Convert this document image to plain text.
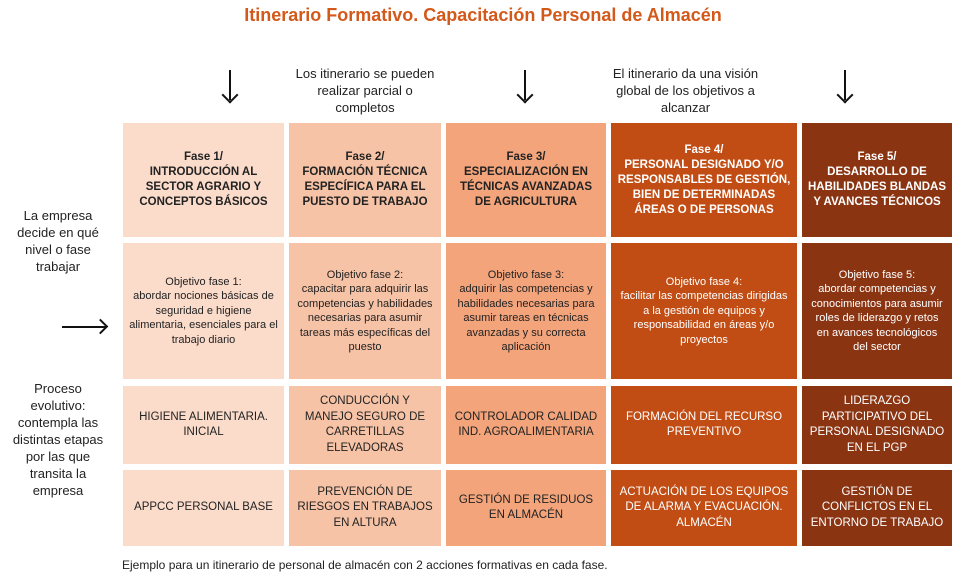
Itinerario Formativo. Capacitación Personal de Almacén
Los itinerario se pueden realizar parcial o completos
El itinerario da una visión global de los objetivos a alcanzar
La empresa decide en qué nivel o fase trabajar
Proceso evolutivo: contempla las distintas etapas por las que transita la empresa
Fase 1/
INTRODUCCIÓN AL SECTOR AGRARIO Y CONCEPTOS BÁSICOS
Objetivo fase 1:
abordar nociones básicas de seguridad e higiene alimentaria, esenciales para el trabajo diario
HIGIENE ALIMENTARIA. INICIAL
APPCC PERSONAL BASE
Fase 2/
FORMACIÓN TÉCNICA ESPECÍFICA PARA EL PUESTO DE TRABAJO
Objetivo fase 2:
capacitar para adquirir las competencias y habilidades necesarias para asumir tareas más específicas del puesto
CONDUCCIÓN Y MANEJO SEGURO DE CARRETILLAS ELEVADORAS
PREVENCIÓN DE RIESGOS EN TRABAJOS EN ALTURA
Fase 3/
ESPECIALIZACIÓN EN TÉCNICAS AVANZADAS DE AGRICULTURA
Objetivo fase 3:
adquirir las competencias y habilidades necesarias para asumir tareas en técnicas avanzadas y su correcta aplicación
CONTROLADOR CALIDAD IND. AGROALIMENTARIA
GESTIÓN DE RESIDUOS EN ALMACÉN
Fase 4/
PERSONAL DESIGNADO Y/O RESPONSABLES DE GESTIÓN, BIEN DE DETERMINADAS ÁREAS O DE PERSONAS
Objetivo fase 4:
facilitar las competencias dirigidas a la gestión de equipos y responsabilidad en áreas y/o proyectos
FORMACIÓN DEL RECURSO PREVENTIVO
ACTUACIÓN DE LOS EQUIPOS DE ALARMA Y EVACUACIÓN. ALMACÉN
Fase 5/
DESARROLLO DE HABILIDADES BLANDAS Y AVANCES TÉCNICOS
Objetivo fase 5:
abordar competencias y conocimientos para asumir roles de liderazgo y retos en avances tecnológicos del sector
LIDERAZGO PARTICIPATIVO DEL PERSONAL DESIGNADO EN EL PGP
GESTIÓN DE CONFLICTOS EN EL ENTORNO DE TRABAJO
Ejemplo para un itinerario de personal de almacén con 2 acciones formativas en cada fase.
